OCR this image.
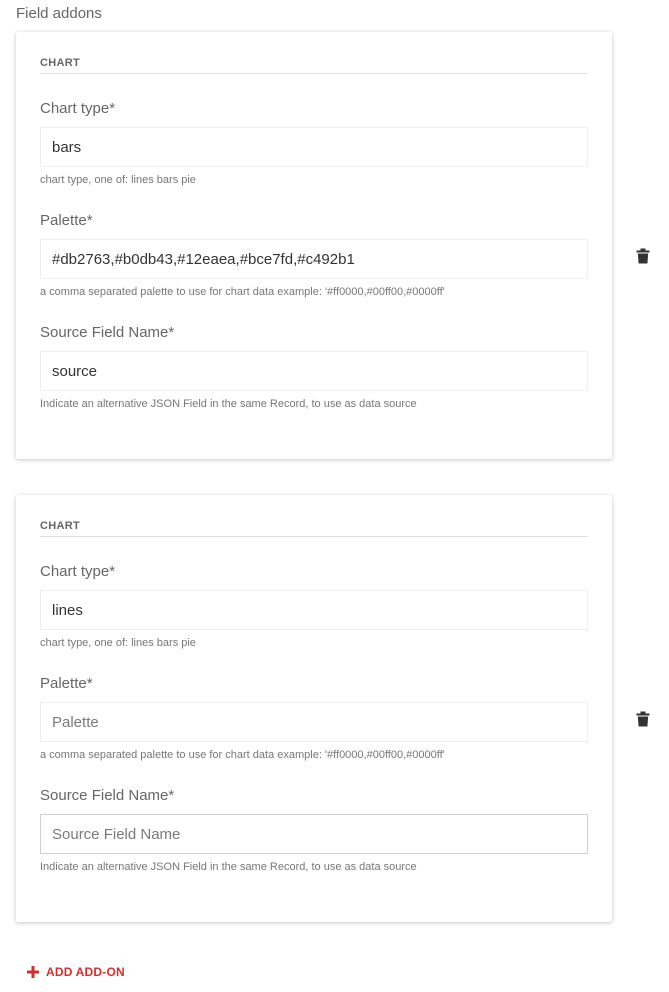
Field addons
CHART
Chart type*
bars
chart type, one of: lines bars pie
Palette*
#db2763,#b0db43,#12eaea,#bce7fd,#c492b1
a comma separated palette to use for chart data example: '#ff0000,#00ff00,#0000ff'
Source Field Name*
source
Indicate an alternative JSON Field in the same Record, to use as data source
CHART
Chart type*
lines
chart type, one of: lines bars pie
Palette*
Palette
a comma separated palette to use for chart data example: '#ff0000,#00ff00,#0000ff'
Source Field Name*
Source Field Name
Indicate an alternative JSON Field in the same Record, to use as data source
ADD ADD-ON
